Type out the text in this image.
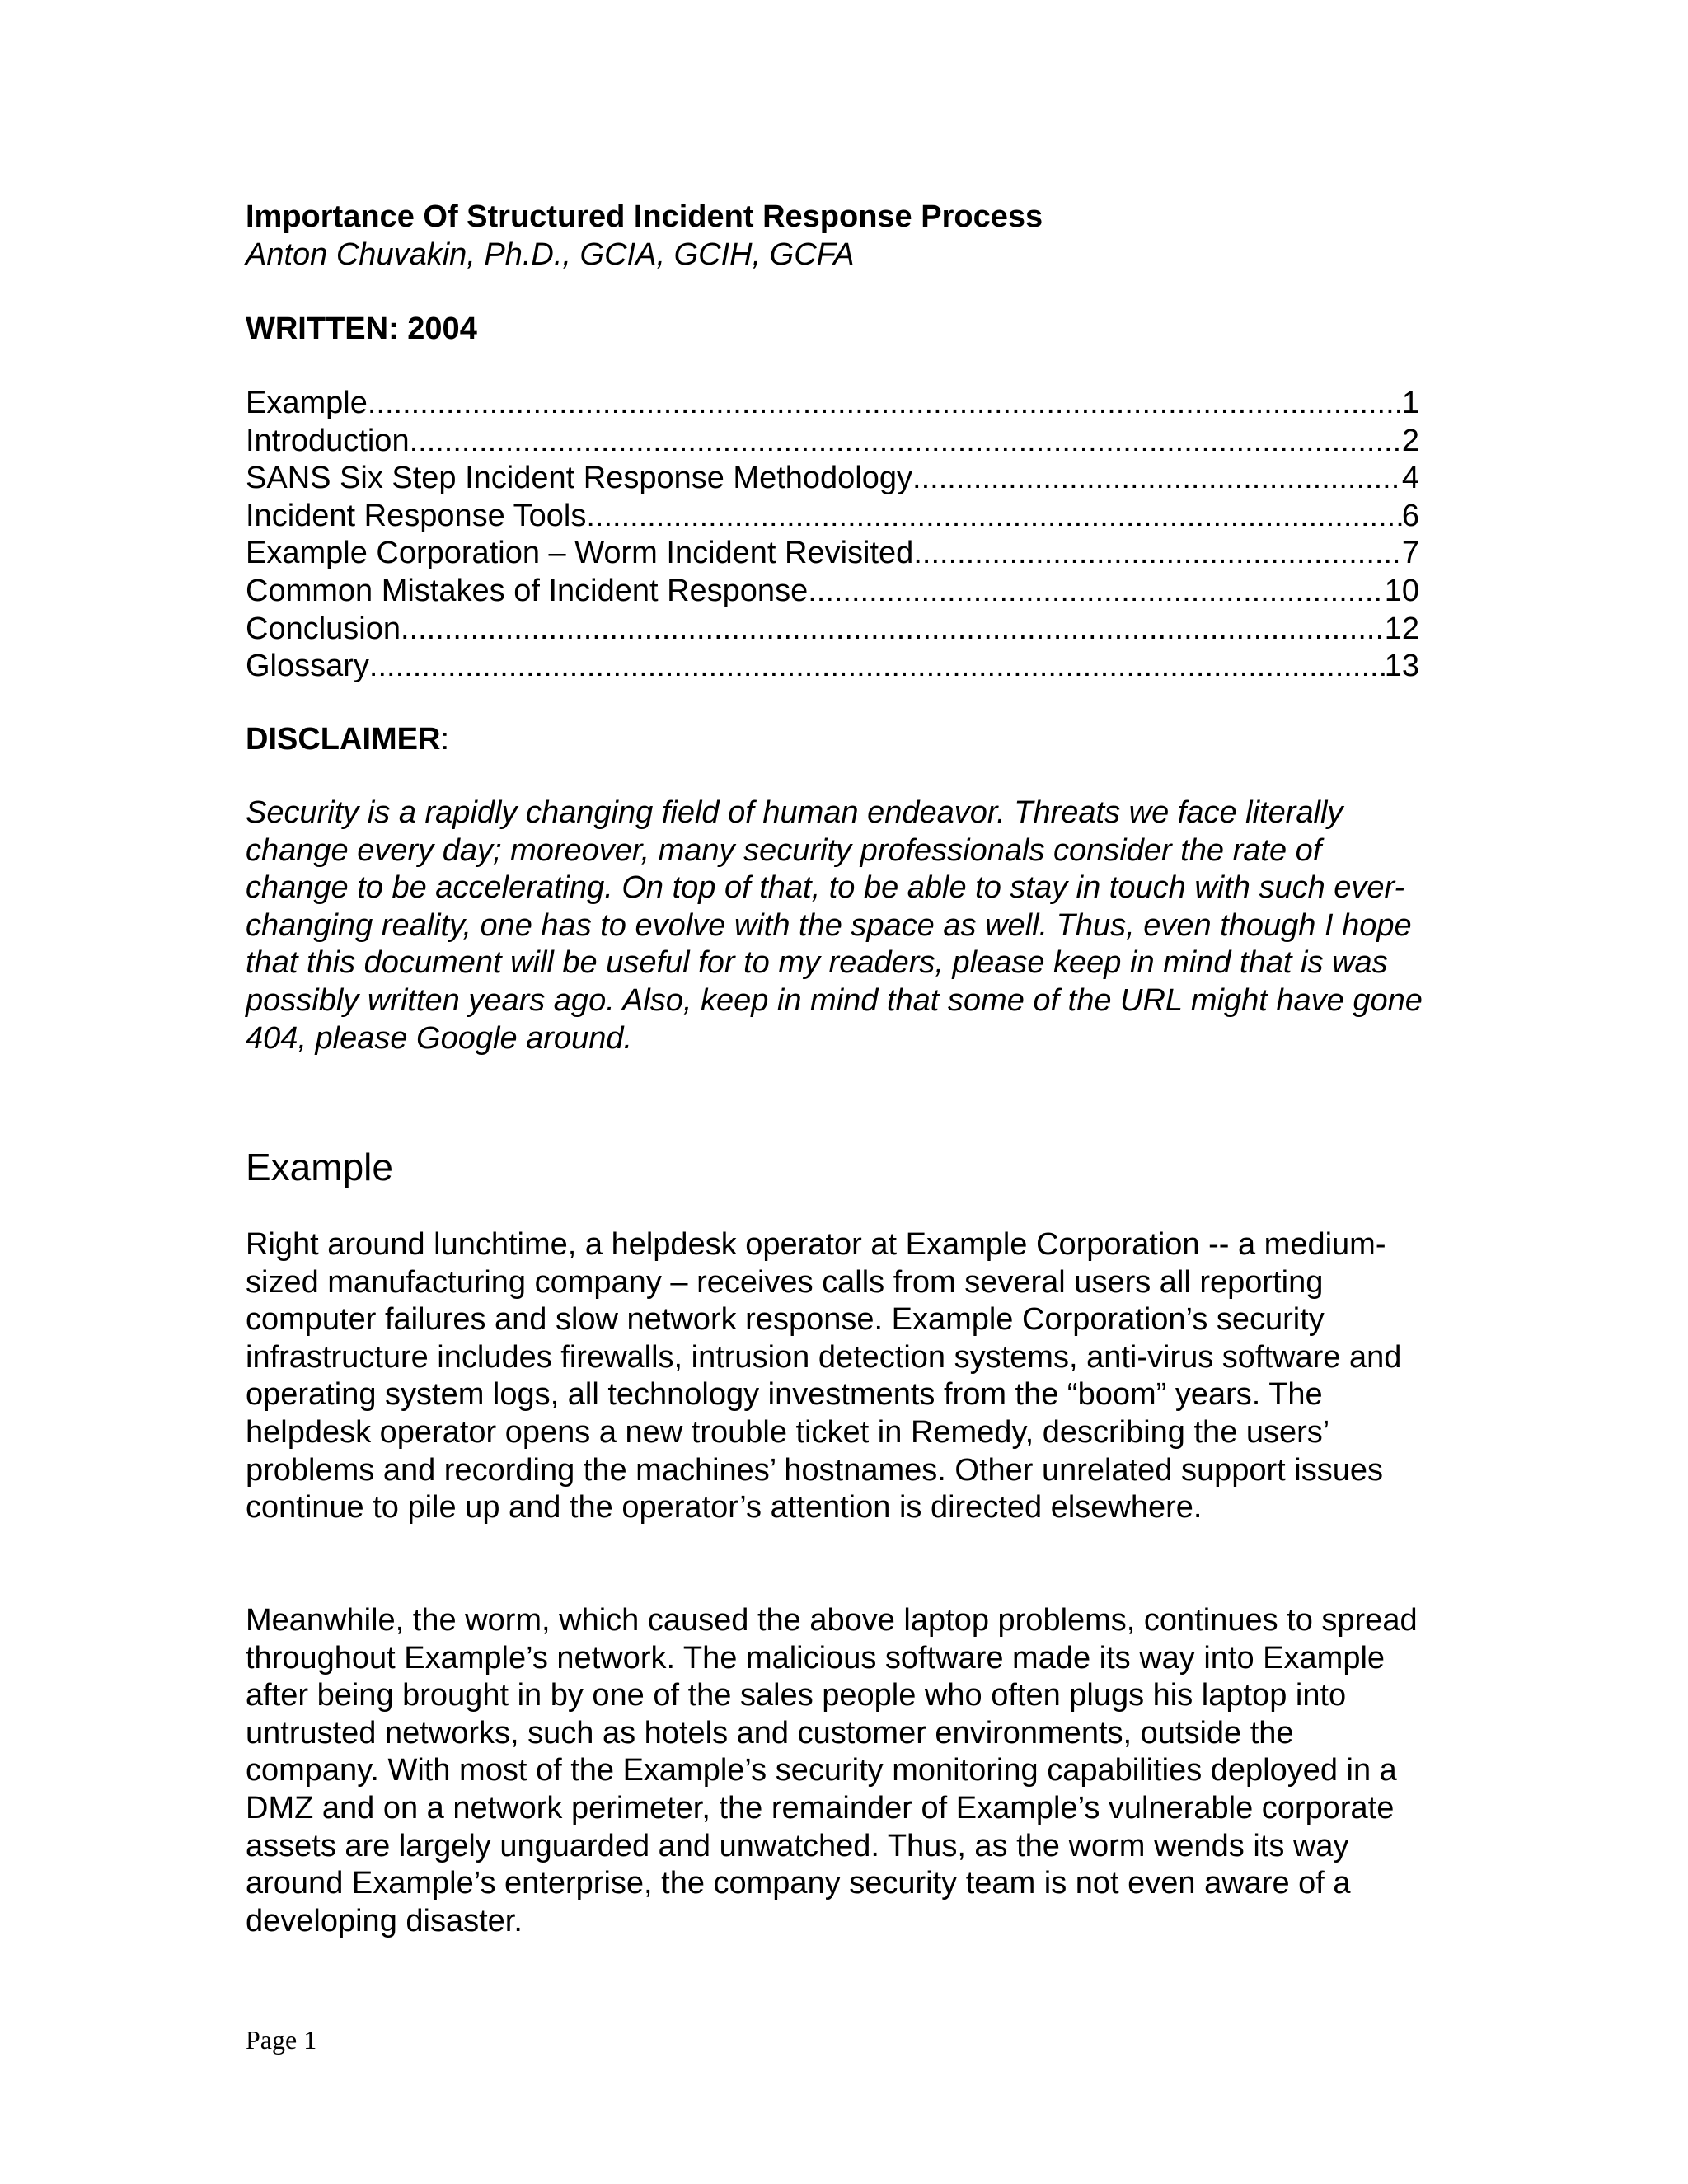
Importance Of Structured Incident Response Process
Anton Chuvakin, Ph.D., GCIA, GCIH, GCFA
WRITTEN: 2004
Example .....	1
Introduction .....	2
SANS Six Step Incident Response Methodology .....	4
Incident Response Tools .....	6
Example Corporation – Worm Incident Revisited .....	7
Common Mistakes of Incident Response .....	10
Conclusion .....	12
Glossary .....	13
DISCLAIMER:

Security is a rapidly changing field of human endeavor. Threats we face literally change every day; moreover, many security professionals consider the rate of change to be accelerating. On top of that, to be able to stay in touch with such ever-changing reality, one has to evolve with the space as well. Thus, even though I hope that this document will be useful for to my readers, please keep in mind that is was possibly written years ago. Also, keep in mind that some of the URL might have gone 404, please Google around.

Example

Right around lunchtime, a helpdesk operator at Example Corporation -- a medium-sized manufacturing company – receives calls from several users all reporting computer failures and slow network response. Example Corporation’s security infrastructure includes firewalls, intrusion detection systems, anti-virus software and operating system logs, all technology investments from the “boom” years. The helpdesk operator opens a new trouble ticket in Remedy, describing the users’ problems and recording the machines’ hostnames. Other unrelated support issues continue to pile up and the operator’s attention is directed elsewhere.

Meanwhile, the worm, which caused the above laptop problems, continues to spread throughout Example’s network. The malicious software made its way into Example after being brought in by one of the sales people who often plugs his laptop into untrusted networks, such as hotels and customer environments, outside the company. With most of the Example’s security monitoring capabilities deployed in a DMZ and on a network perimeter, the remainder of Example’s vulnerable corporate assets are largely unguarded and unwatched. Thus, as the worm wends its way around Example’s enterprise, the company security team is not even aware of a developing disaster.

Page 1
